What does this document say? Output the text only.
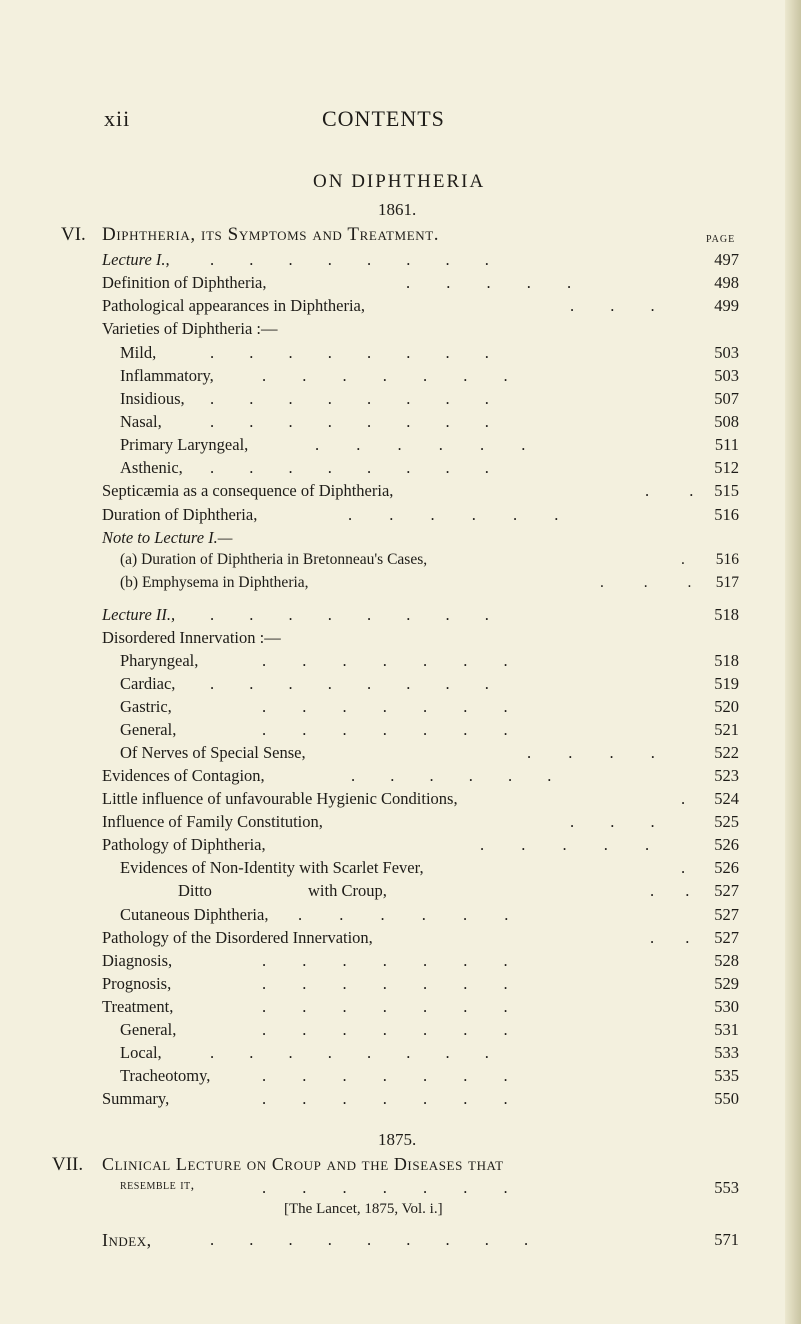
xii	CONTENTS
ON DIPHTHERIA
1861.
VI. Diphtheria, its Symptoms and Treatment.	PAGE
Lecture I., . . . . . . . .	497
Definition of Diphtheria,	. . . . .	498
Pathological appearances in Diphtheria,	. . .	499
Varieties of Diphtheria :—
Mild,	. . . . . . . .	503
Inflammatory,	. . . . . . .	503
Insidious, . . . . . . . .	507
Nasal,	. . . . . . . .	508
Primary Laryngeal,	. . . . . .	511
Asthenic, . . . . . . . .	512
Septicæmia as a consequence of Diphtheria,	. . 515
Duration of Diphtheria,	. . . . . .	516
Note to Lecture I.—
(a) Duration of Diphtheria in Bretonneau's Cases,	. 516
(b) Emphysema in Diphtheria,	. . . 517
Lecture II., . . . . . . . .	518
Disordered Innervation :—
Pharyngeal,	. . . . . . .	518
Cardiac, . . . . . . . .	519
Gastric,	. . . . . . .	520
General,	. . . . . . .	521
Of Nerves of Special Sense,	. . . .	522
Evidences of Contagion,	. . . . . .	523
Little influence of unfavourable Hygienic Conditions,	. 524
Influence of Family Constitution,	. . .	525
Pathology of Diphtheria,	. . . . .	526
Evidences of Non-Identity with Scarlet Fever,	. 526
Ditto	with Croup,	. . 527
Cutaneous Diphtheria, . . . . . .	527
Pathology of the Disordered Innervation,	. . 527
Diagnosis,	. . . . . . .	528
Prognosis,	. . . . . . .	529
Treatment,	. . . . . . .	530
General,	. . . . . . .	531
Local,	. . . . . . . .	533
Tracheotomy,	. . . . . . .	535
Summary,	. . . . . . .	550
1875.
VII. Clinical Lecture on Croup and the Diseases that
resemble it,	. . . . . . .	553
[The Lancet, 1875, Vol. i.]
Index,	. . . . . . . . .	571
